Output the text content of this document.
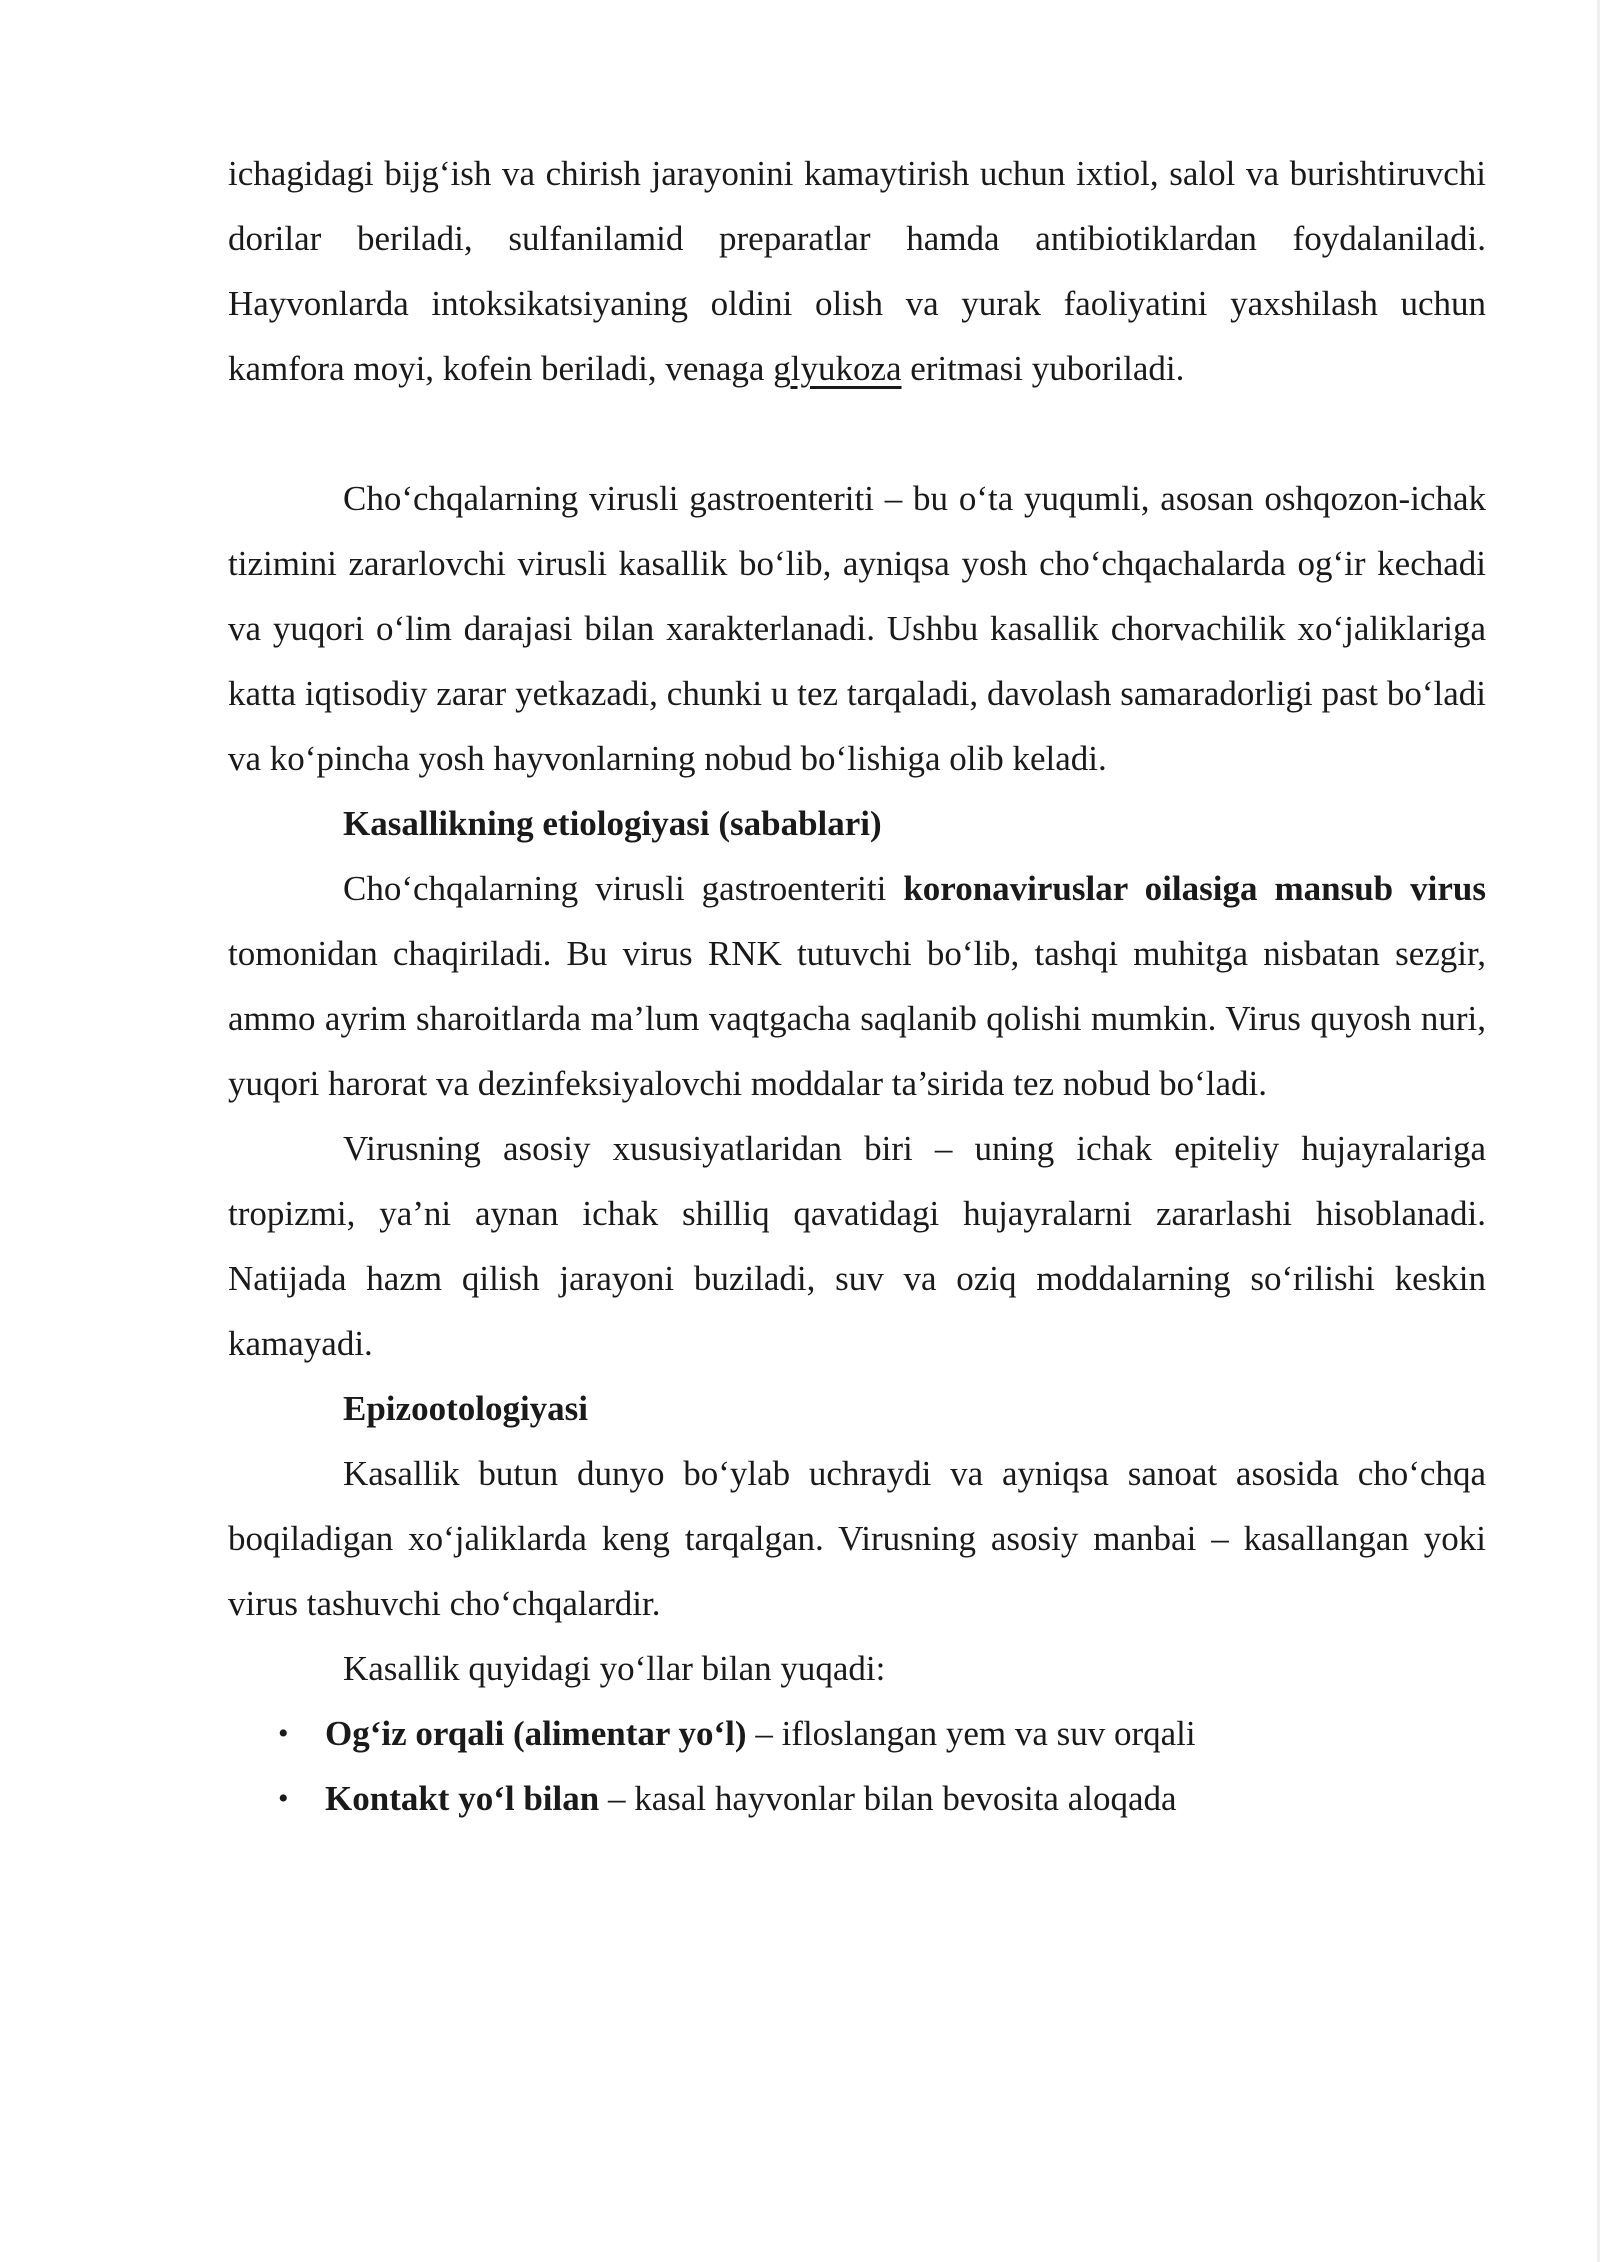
ichagidagi bijg‘ish va chirish jarayonini kamaytirish uchun ixtiol, salol va burishtiruvchi dorilar beriladi, sulfanilamid preparatlar hamda antibiotiklardan foydalaniladi. Hayvonlarda intoksikatsiyaning oldini olish va yurak faoliyatini yaxshilash uchun kamfora moyi, kofein beriladi, venaga glyukoza eritmasi yuboriladi.

Cho‘chqalarning virusli gastroenteriti – bu o‘ta yuqumli, asosan oshqozon-ichak tizimini zararlovchi virusli kasallik bo‘lib, ayniqsa yosh cho‘chqachalarda og‘ir kechadi va yuqori o‘lim darajasi bilan xarakterlanadi. Ushbu kasallik chorvachilik xo‘jaliklariga katta iqtisodiy zarar yetkazadi, chunki u tez tarqaladi, davolash samaradorligi past bo‘ladi va ko‘pincha yosh hayvonlarning nobud bo‘lishiga olib keladi.

Kasallikning etiologiyasi (sabablari)

Cho‘chqalarning virusli gastroenteriti koronaviruslar oilasiga mansub virus tomonidan chaqiriladi. Bu virus RNK tutuvchi bo‘lib, tashqi muhitga nisbatan sezgir, ammo ayrim sharoitlarda ma’lum vaqtgacha saqlanib qolishi mumkin. Virus quyosh nuri, yuqori harorat va dezinfeksiyalovchi moddalar ta’sirida tez nobud bo‘ladi.

Virusning asosiy xususiyatlaridan biri – uning ichak epiteliy hujayralariga tropizmi, ya’ni aynan ichak shilliq qavatidagi hujayralarni zararlashi hisoblanadi. Natijada hazm qilish jarayoni buziladi, suv va oziq moddalarning so‘rilishi keskin kamayadi.

Epizootologiyasi

Kasallik butun dunyo bo‘ylab uchraydi va ayniqsa sanoat asosida cho‘chqa boqiladigan xo‘jaliklarda keng tarqalgan. Virusning asosiy manbai – kasallangan yoki virus tashuvchi cho‘chqalardir.

Kasallik quyidagi yo‘llar bilan yuqadi:

• Og‘iz orqali (alimentar yo‘l) – ifloslangan yem va suv orqali
• Kontakt yo‘l bilan – kasal hayvonlar bilan bevosita aloqada
